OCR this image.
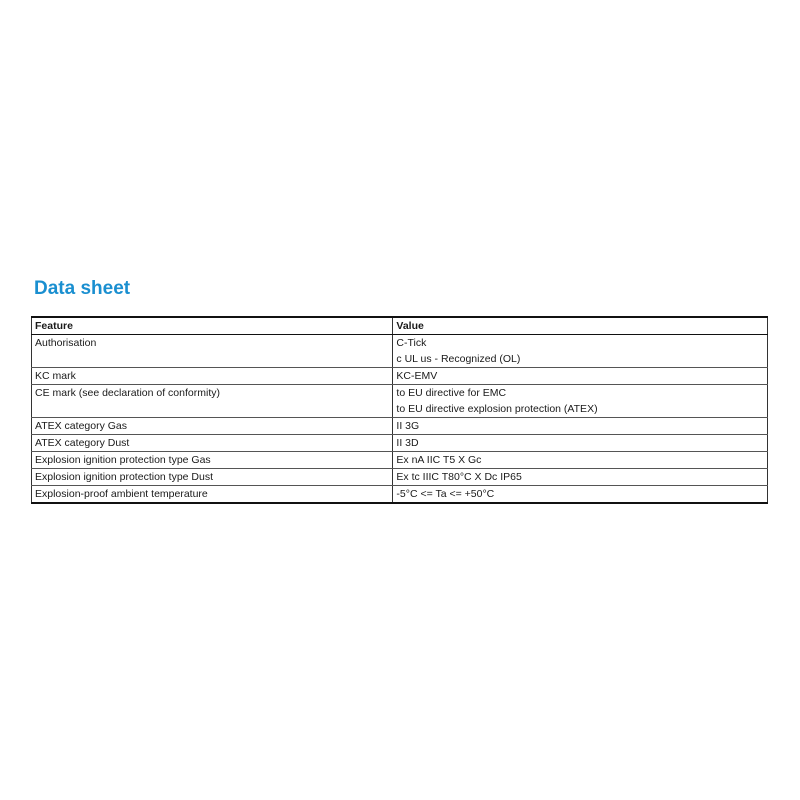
Data sheet
Feature	Value
Authorisation	C-Tick
c UL us - Recognized (OL)

KC mark	KC-EMV

CE mark (see declaration of conformity)	to EU directive for EMC
to EU directive explosion protection (ATEX)

ATEX category Gas	II 3G

ATEX category Dust	II 3D

Explosion ignition protection type Gas	Ex nA IIC T5 X Gc

Explosion ignition protection type Dust	Ex tc IIIC T80°C X Dc IP65

Explosion-proof ambient temperature	-5°C <= Ta <= +50°C
